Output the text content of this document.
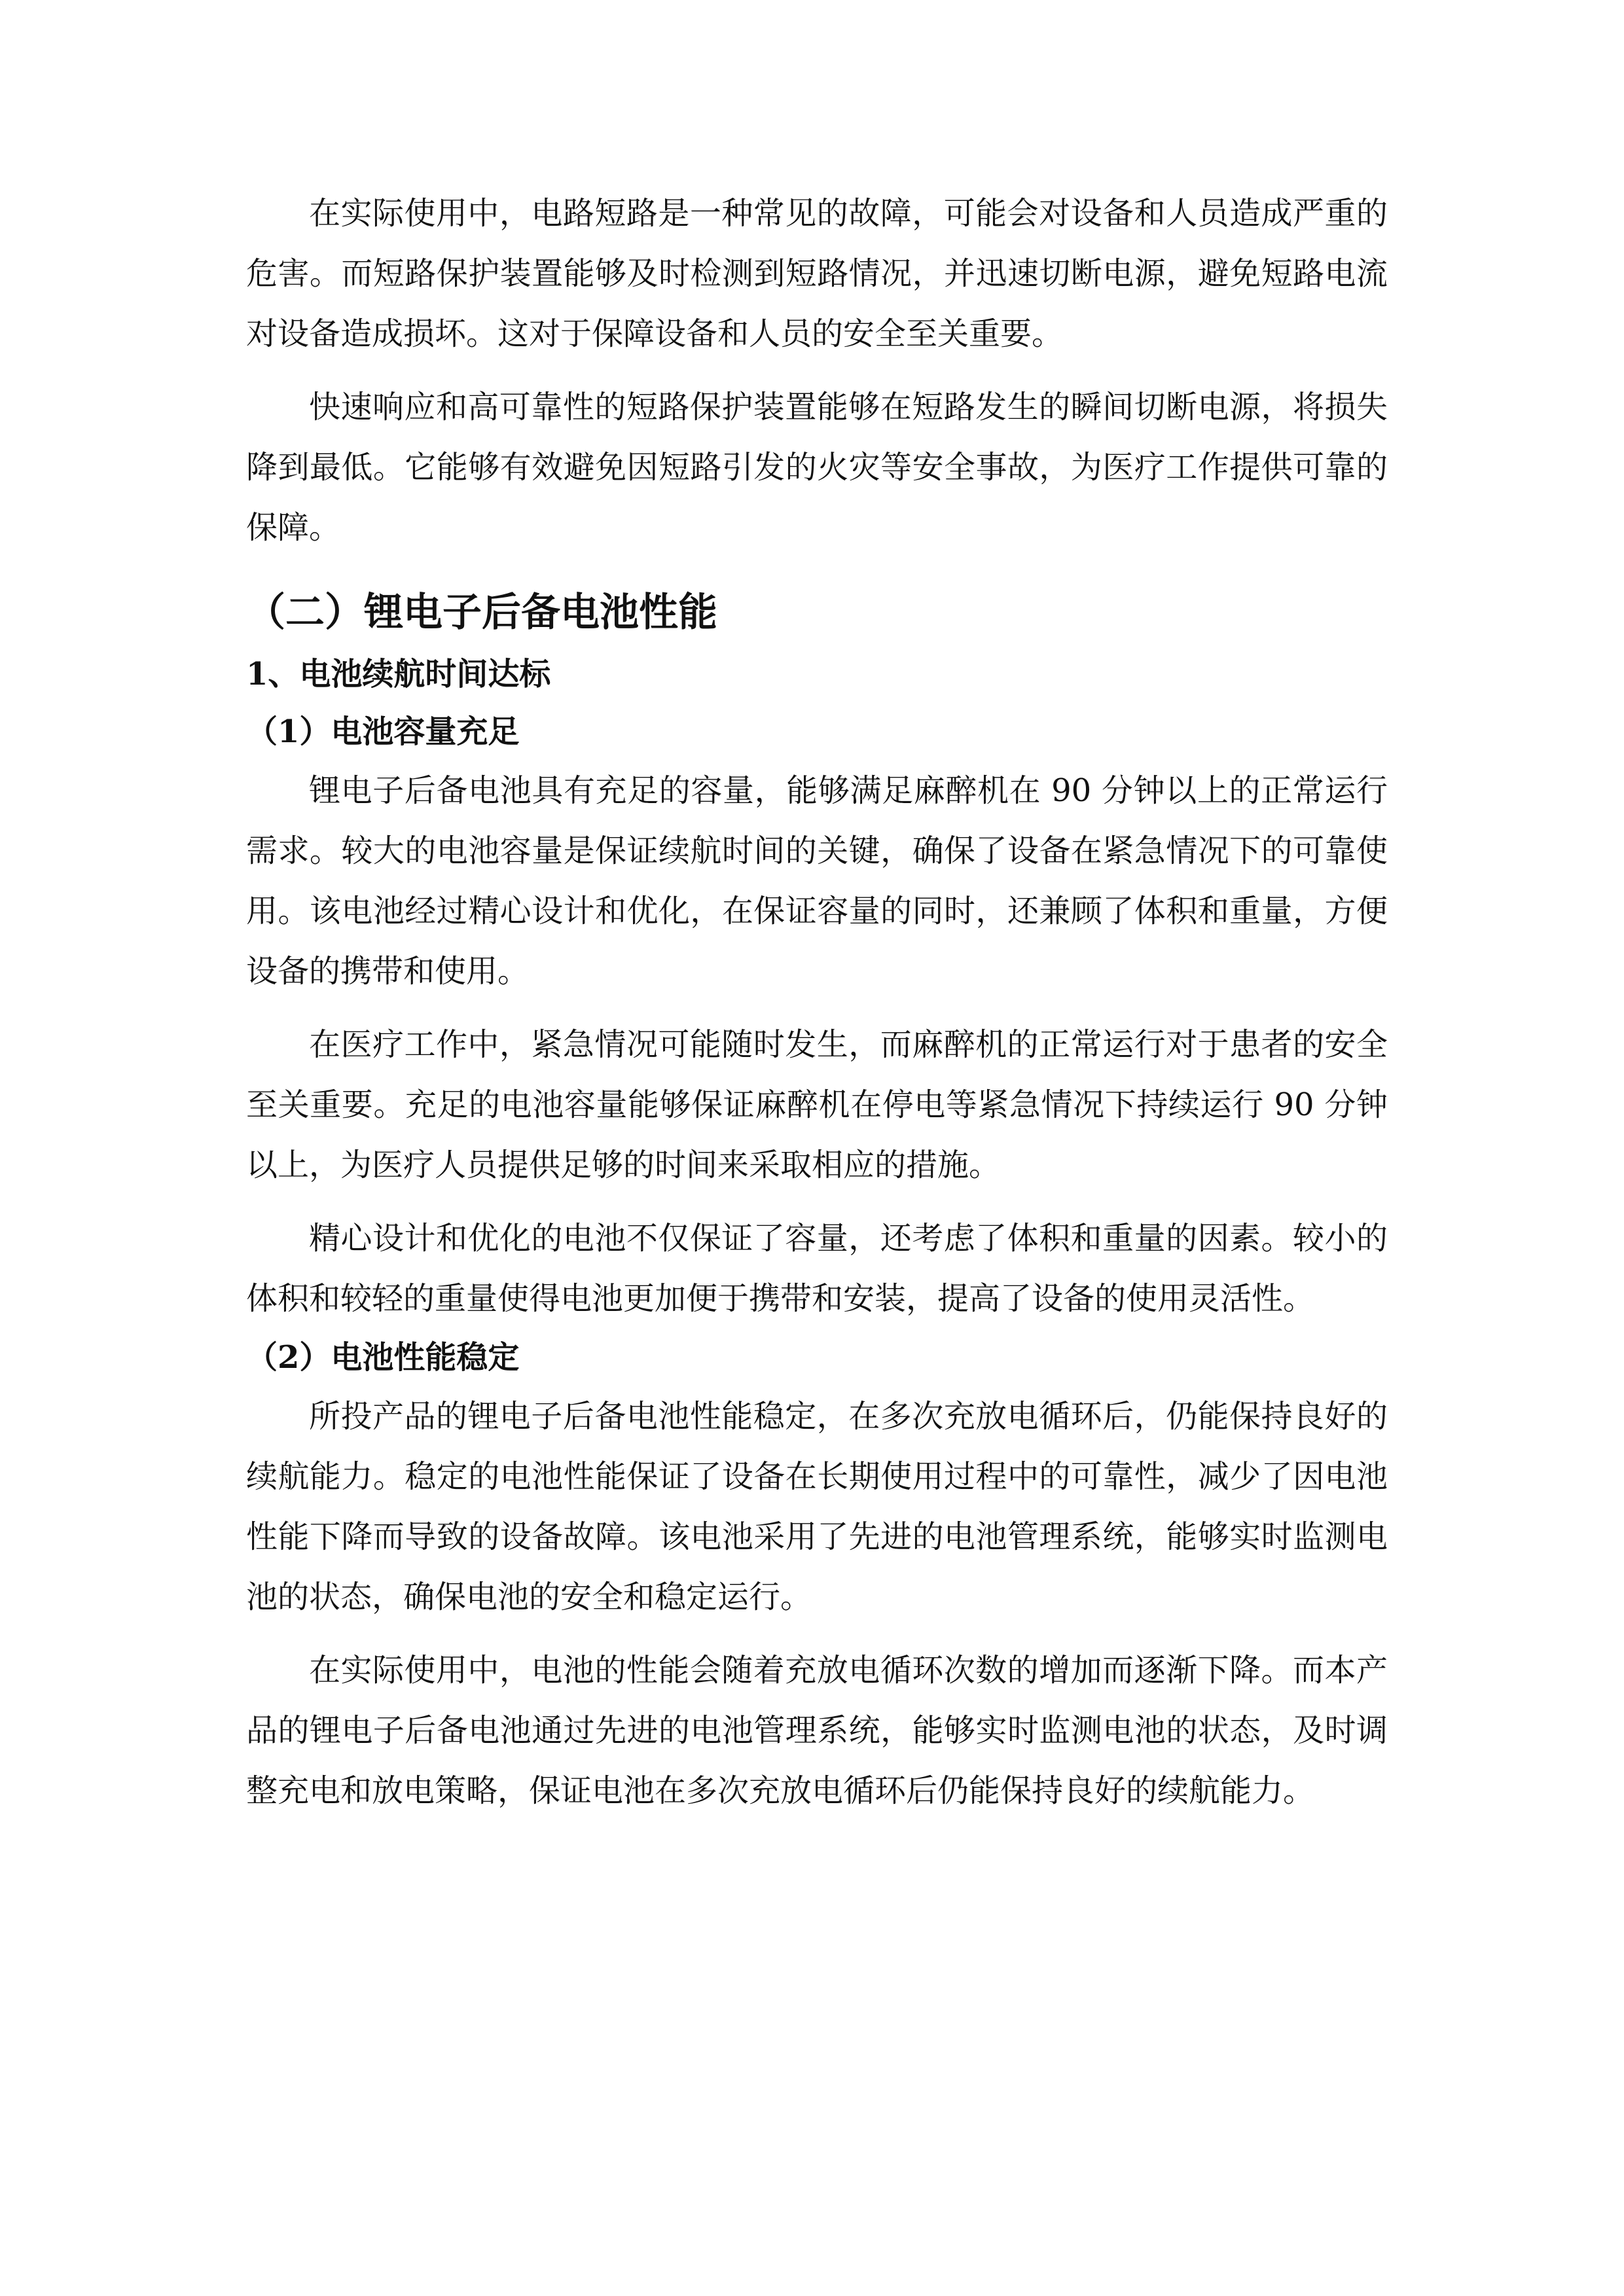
在实际使用中，电路短路是一种常见的故障，可能会对设备和人员造成严重的危害。而短路保护装置能够及时检测到短路情况，并迅速切断电源，避免短路电流对设备造成损坏。这对于保障设备和人员的安全至关重要。

快速响应和高可靠性的短路保护装置能够在短路发生的瞬间切断电源，将损失降到最低。它能够有效避免因短路引发的火灾等安全事故，为医疗工作提供可靠的保障。

（二）锂电子后备电池性能
1、电池续航时间达标
（1）电池容量充足

锂电子后备电池具有充足的容量，能够满足麻醉机在 90 分钟以上的正常运行需求。较大的电池容量是保证续航时间的关键，确保了设备在紧急情况下的可靠使用。该电池经过精心设计和优化，在保证容量的同时，还兼顾了体积和重量，方便设备的携带和使用。

在医疗工作中，紧急情况可能随时发生，而麻醉机的正常运行对于患者的安全至关重要。充足的电池容量能够保证麻醉机在停电等紧急情况下持续运行 90 分钟以上，为医疗人员提供足够的时间来采取相应的措施。

精心设计和优化的电池不仅保证了容量，还考虑了体积和重量的因素。较小的体积和较轻的重量使得电池更加便于携带和安装，提高了设备的使用灵活性。

（2）电池性能稳定

所投产品的锂电子后备电池性能稳定，在多次充放电循环后，仍能保持良好的续航能力。稳定的电池性能保证了设备在长期使用过程中的可靠性，减少了因电池性能下降而导致的设备故障。该电池采用了先进的电池管理系统，能够实时监测电池的状态，确保电池的安全和稳定运行。

在实际使用中，电池的性能会随着充放电循环次数的增加而逐渐下降。而本产品的锂电子后备电池通过先进的电池管理系统，能够实时监测电池的状态，及时调整充电和放电策略，保证电池在多次充放电循环后仍能保持良好的续航能力。
